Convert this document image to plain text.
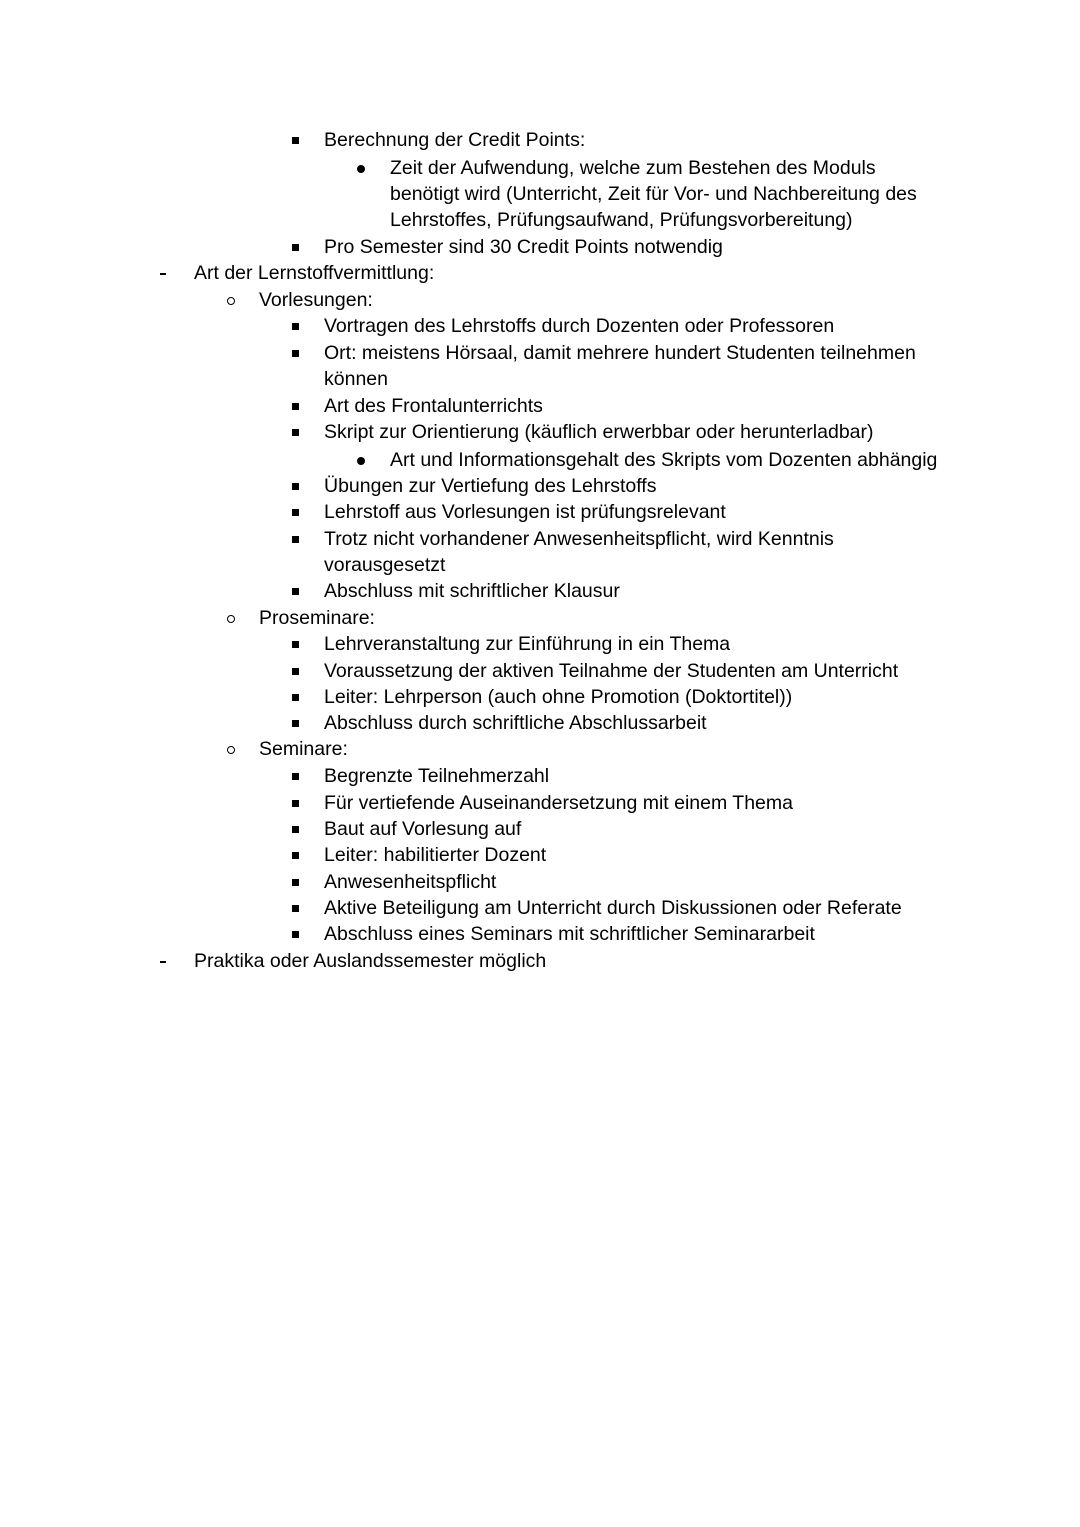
Berechnung der Credit Points:
Zeit der Aufwendung, welche zum Bestehen des Moduls
benötigt wird (Unterricht, Zeit für Vor- und Nachbereitung des
Lehrstoffes, Prüfungsaufwand, Prüfungsvorbereitung)
Pro Semester sind 30 Credit Points notwendig
Art der Lernstoffvermittlung:
Vorlesungen:
Vortragen des Lehrstoffs durch Dozenten oder Professoren
Ort: meistens Hörsaal, damit mehrere hundert Studenten teilnehmen
können
Art des Frontalunterrichts
Skript zur Orientierung (käuflich erwerbbar oder herunterladbar)
Art und Informationsgehalt des Skripts vom Dozenten abhängig
Übungen zur Vertiefung des Lehrstoffs
Lehrstoff aus Vorlesungen ist prüfungsrelevant
Trotz nicht vorhandener Anwesenheitspflicht, wird Kenntnis
vorausgesetzt
Abschluss mit schriftlicher Klausur
Proseminare:
Lehrveranstaltung zur Einführung in ein Thema
Voraussetzung der aktiven Teilnahme der Studenten am Unterricht
Leiter: Lehrperson (auch ohne Promotion (Doktortitel))
Abschluss durch schriftliche Abschlussarbeit
Seminare:
Begrenzte Teilnehmerzahl
Für vertiefende Auseinandersetzung mit einem Thema
Baut auf Vorlesung auf
Leiter: habilitierter Dozent
Anwesenheitspflicht
Aktive Beteiligung am Unterricht durch Diskussionen oder Referate
Abschluss eines Seminars mit schriftlicher Seminararbeit
Praktika oder Auslandssemester möglich
